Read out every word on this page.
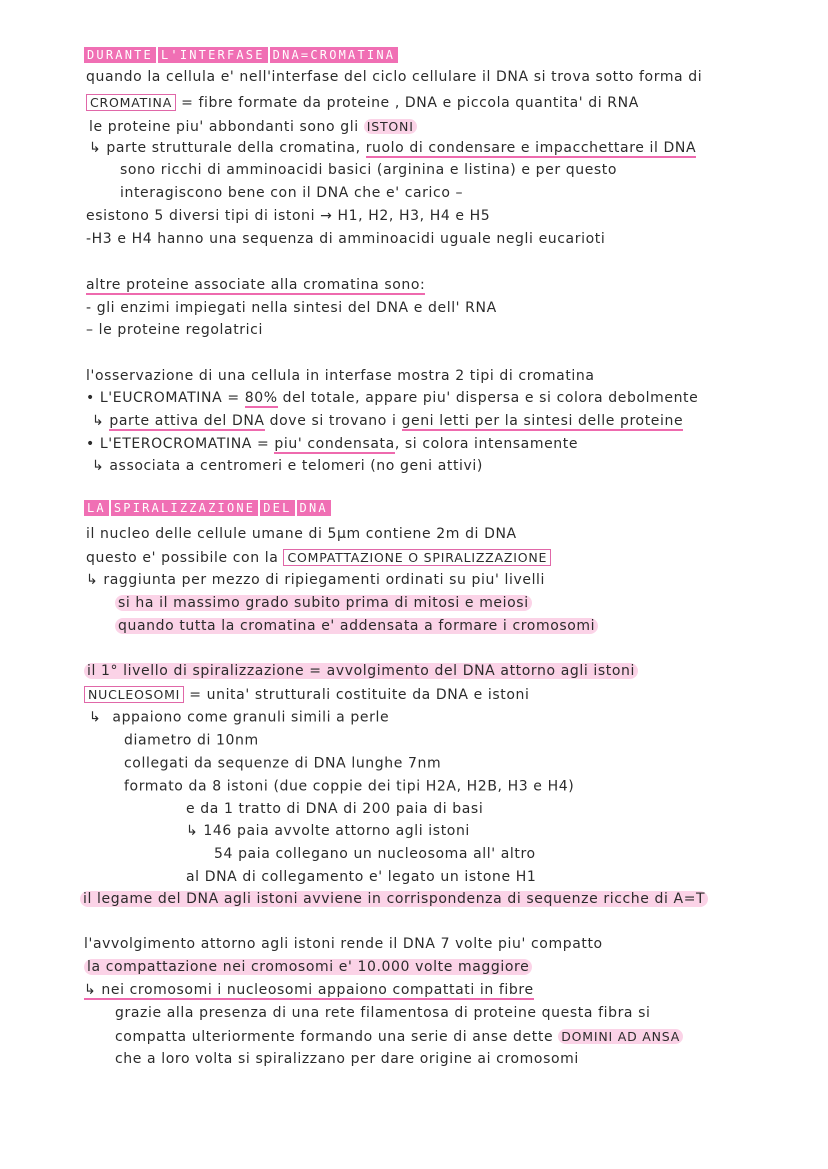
DURANTE L'INTERFASE DNA=CROMATINA
quando la cellula e' nell'interfase del ciclo cellulare il DNA si trova sotto forma di
CROMATINA = fibre formate da proteine , DNA e piccola quantita' di RNA
le proteine piu' abbondanti sono gli ISTONI
↳ parte strutturale della cromatina, ruolo di condensare e impacchettare il DNA
sono ricchi di amminoacidi basici (arginina e listina) e per questo
interagiscono bene con il DNA che e' carico –
esistono 5 diversi tipi di istoni → H1, H2, H3, H4 e H5
-H3 e H4 hanno una sequenza di amminoacidi uguale negli eucarioti
altre proteine associate alla cromatina sono:
- gli enzimi impiegati nella sintesi del DNA e dell' RNA
– le proteine regolatrici
l'osservazione di una cellula in interfase mostra 2 tipi di cromatina
• L'EUCROMATINA = 80% del totale, appare piu' dispersa e si colora debolmente
↳ parte attiva del DNA dove si trovano i geni letti per la sintesi delle proteine
• L'ETEROCROMATINA = piu' condensata, si colora intensamente
↳ associata a centromeri e telomeri (no geni attivi)
LA SPIRALIZZAZIONE DEL DNA
il nucleo delle cellule umane di 5µm contiene 2m di DNA
questo e' possibile con la COMPATTAZIONE O SPIRALIZZAZIONE
↳ raggiunta per mezzo di ripiegamenti ordinati su piu' livelli
si ha il massimo grado subito prima di mitosi e meiosi
quando tutta la cromatina e' addensata a formare i cromosomi
il 1° livello di spiralizzazione = avvolgimento del DNA attorno agli istoni
NUCLEOSOMI = unita' strutturali costituite da DNA e istoni
↳ appaiono come granuli simili a perle
diametro di 10nm
collegati da sequenze di DNA lunghe 7nm
formato da 8 istoni (due coppie dei tipi H2A, H2B, H3 e H4)
e da 1 tratto di DNA di 200 paia di basi
↳ 146 paia avvolte attorno agli istoni
54 paia collegano un nucleosoma all' altro
al DNA di collegamento e' legato un istone H1
il legame del DNA agli istoni avviene in corrispondenza di sequenze ricche di A=T
l'avvolgimento attorno agli istoni rende il DNA 7 volte piu' compatto
la compattazione nei cromosomi e' 10.000 volte maggiore
↳ nei cromosomi i nucleosomi appaiono compattati in fibre
grazie alla presenza di una rete filamentosa di proteine questa fibra si
compatta ulteriormente formando una serie di anse dette DOMINI AD ANSA
che a loro volta si spiralizzano per dare origine ai cromosomi
